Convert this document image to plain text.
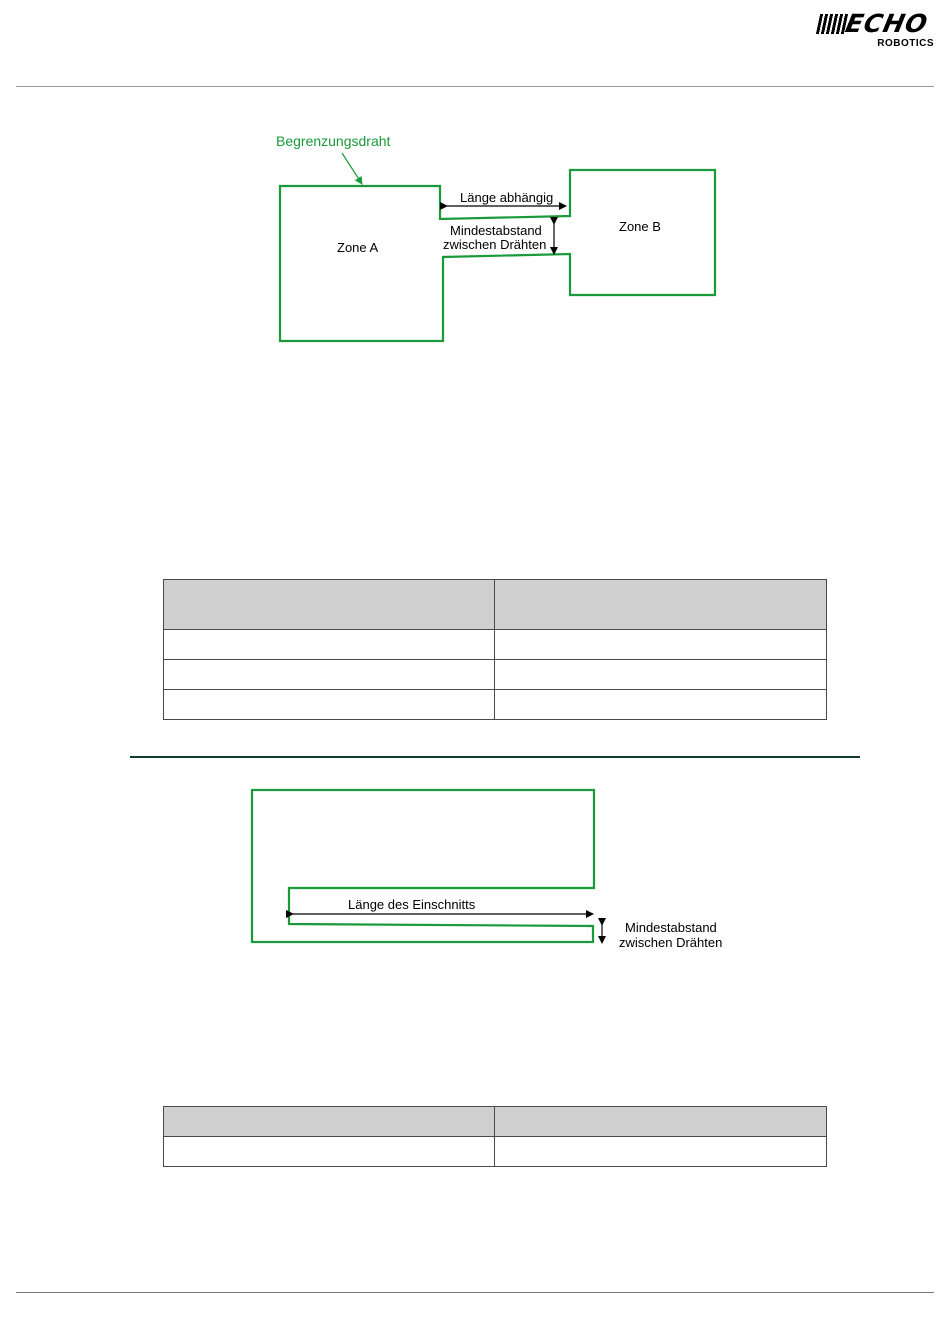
ECHO
ROBOTICS
Begrenzungsdraht
Zone A
Zone B
Länge abhängig
Mindestabstand
zwischen Drähten

Länge des Einschnitts
Mindestabstand
zwischen Drähten
